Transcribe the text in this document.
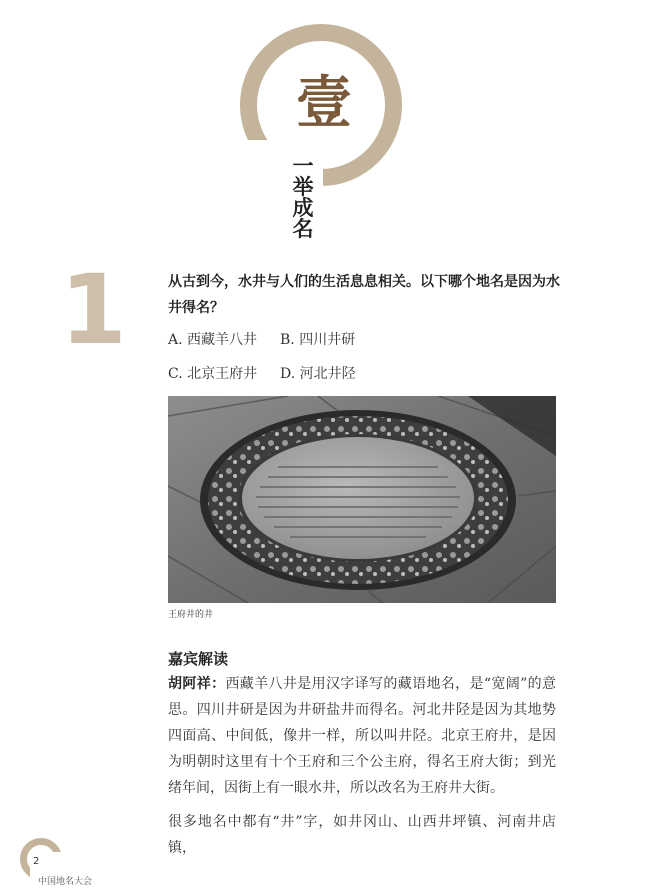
壹
一
举
成
名
1	从古到今，水井与人们的生活息息相关。以下哪个地名是因为水井得名？
A. 西藏羊八井	B. 四川井研
C. 北京王府井	D. 河北井陉
王府井的井
嘉宾解读

胡阿祥：西藏羊八井是用汉字译写的藏语地名，是“宽阔”的意思。四川井研是因为井研盐井而得名。河北井陉是因为其地势四面高、中间低，像井一样，所以叫井陉。北京王府井，是因为明朝时这里有十个王府和三个公主府，得名王府大街；到光绪年间，因街上有一眼水井，所以改名为王府井大街。

很多地名中都有“井”字，如井冈山、山西井坪镇、河南井店镇，

2
中国地名大会
